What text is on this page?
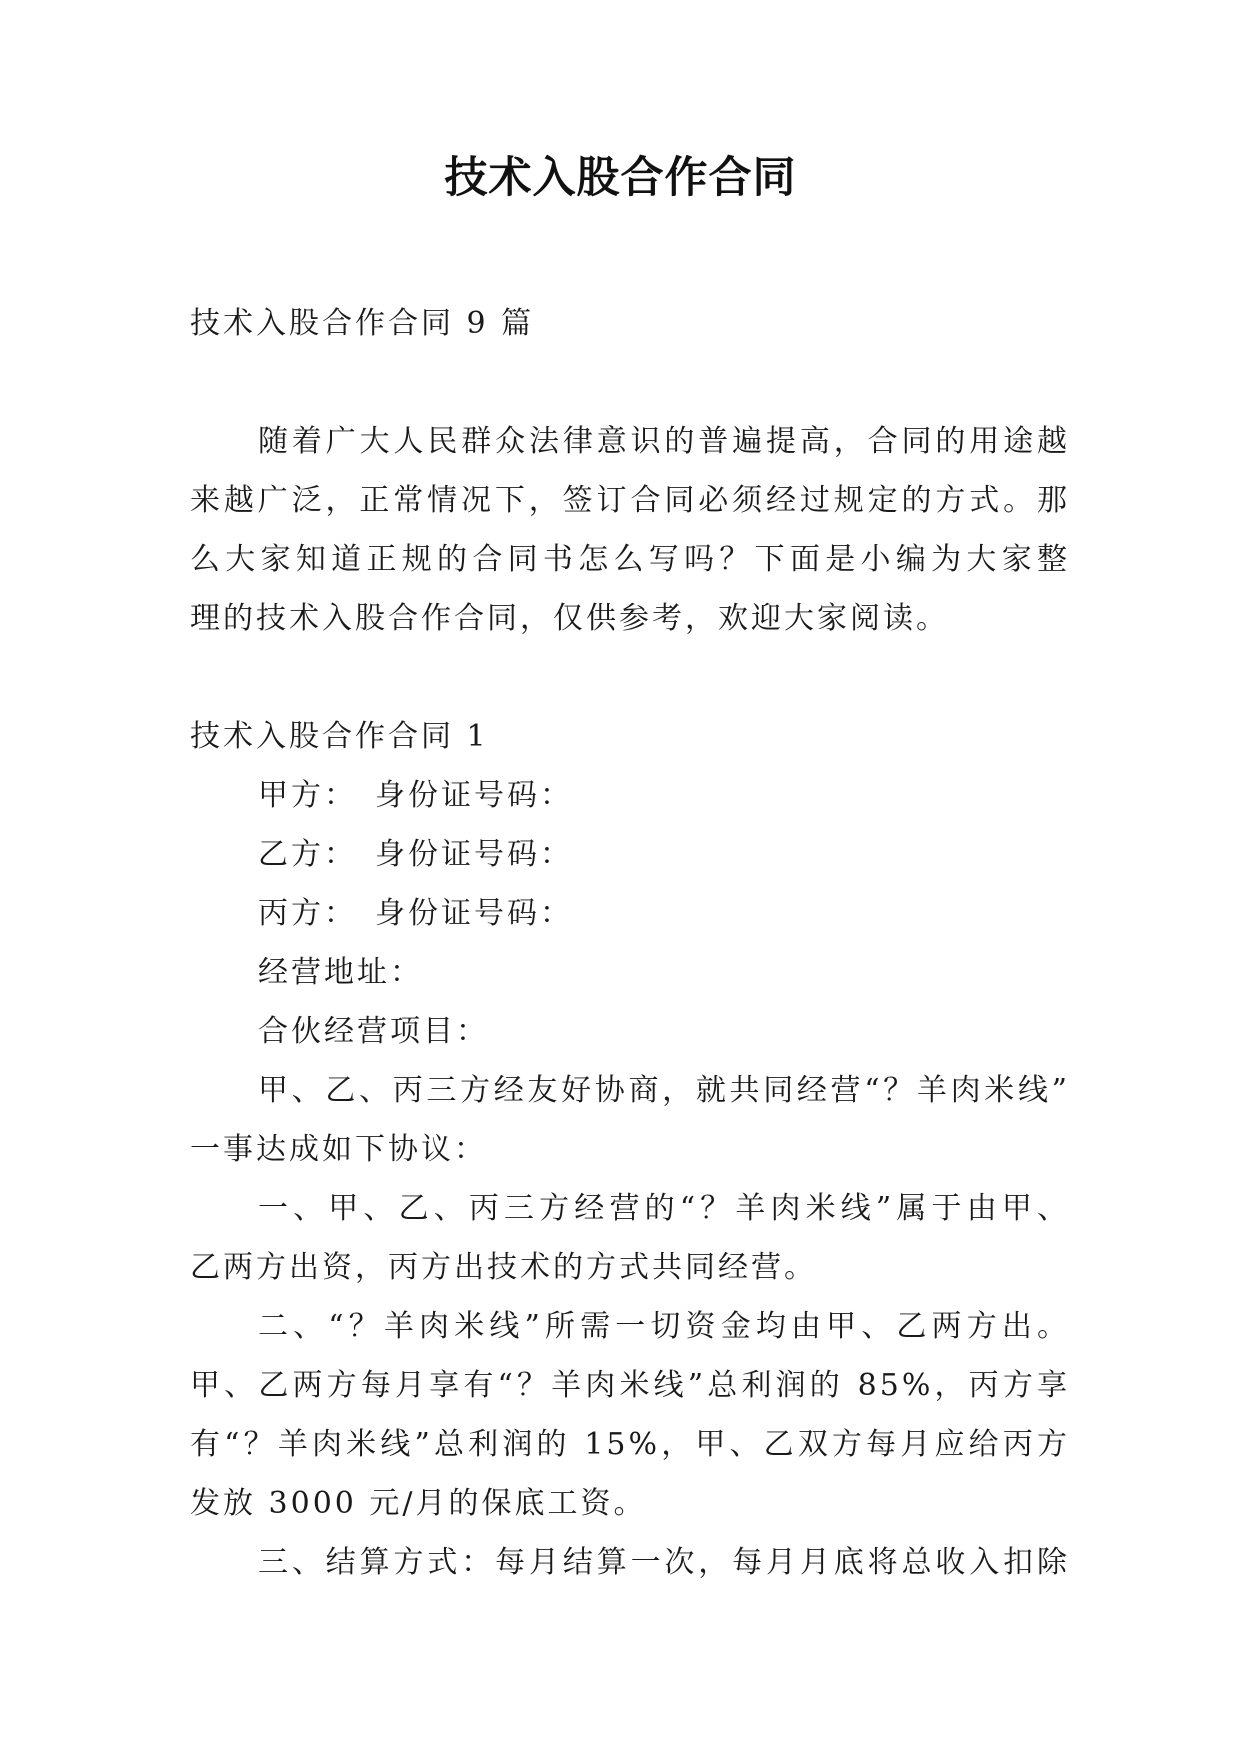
技术入股合作合同
技术入股合作合同 9 篇
随着广大人民群众法律意识的普遍提高，合同的用途越
来越广泛，正常情况下，签订合同必须经过规定的方式。那
么大家知道正规的合同书怎么写吗？下面是小编为大家整
理的技术入股合作合同，仅供参考，欢迎大家阅读。
技术入股合作合同 1
甲方：　身份证号码：
乙方：　身份证号码：
丙方：　身份证号码：
经营地址：
合伙经营项目：
甲、乙、丙三方经友好协商，就共同经营“？羊肉米线”
一事达成如下协议：
一、甲、乙、丙三方经营的“？羊肉米线”属于由甲、
乙两方出资，丙方出技术的方式共同经营。
二、“？羊肉米线”所需一切资金均由甲、乙两方出。
甲、乙两方每月享有“？羊肉米线”总利润的 85%，丙方享
有“？羊肉米线”总利润的 15%，甲、乙双方每月应给丙方
发放 3000 元/月的保底工资。
三、结算方式：每月结算一次，每月月底将总收入扣除
